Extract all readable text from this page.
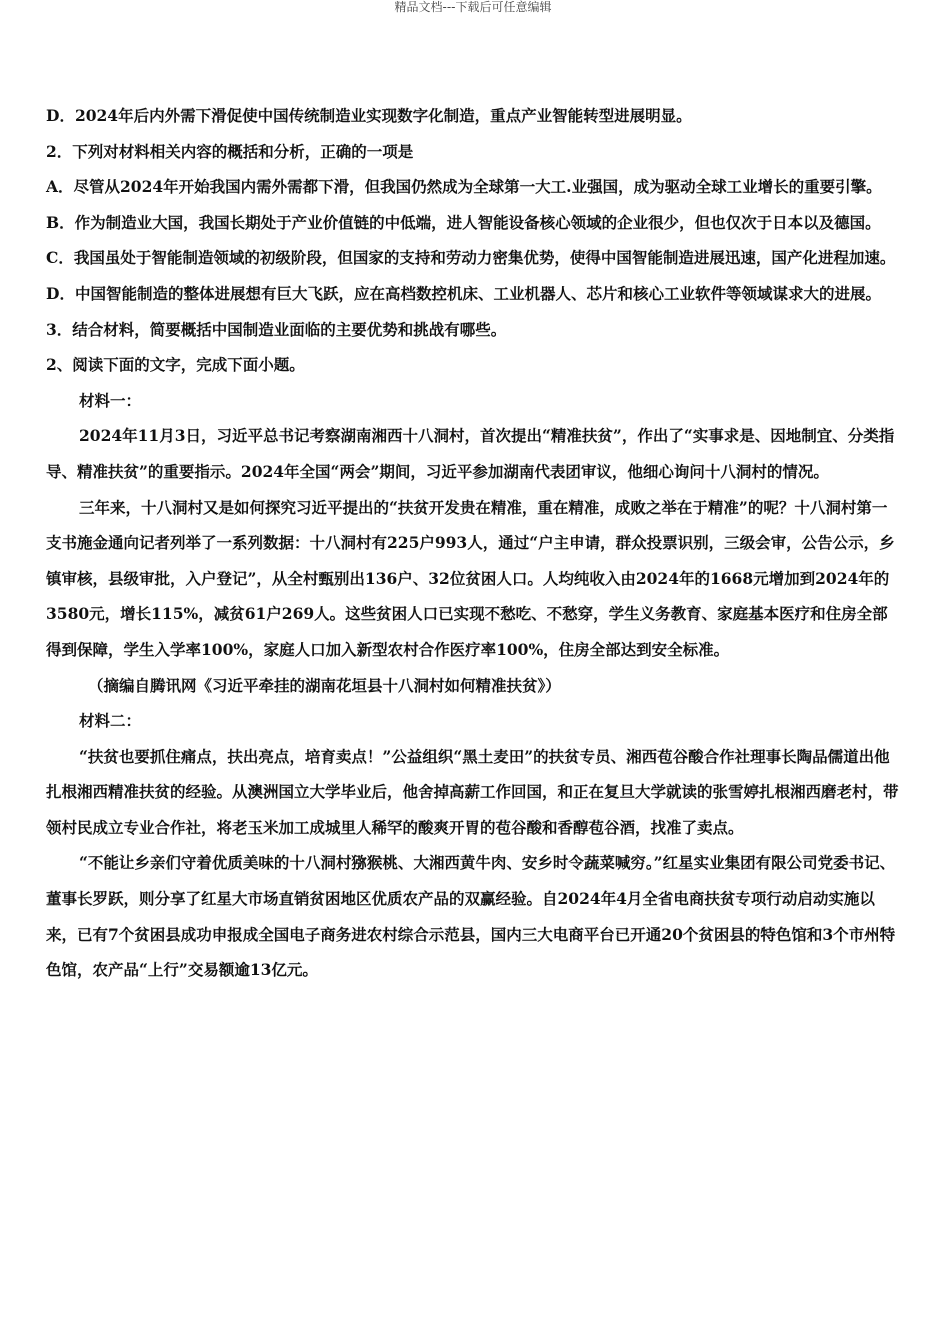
精品文档---下载后可任意编辑

D．2024年后内外需下滑促使中国传统制造业实现数字化制造，重点产业智能转型进展明显。

2．下列对材料相关内容的概括和分析，正确的一项是

A．尽管从2024年开始我国内需外需都下滑，但我国仍然成为全球第一大工.业强国，成为驱动全球工业增长的重要引擎。

B．作为制造业大国，我国长期处于产业价值链的中低端，进人智能设备核心领域的企业很少，但也仅次于日本以及德国。

C．我国虽处于智能制造领域的初级阶段，但国家的支持和劳动力密集优势，使得中国智能制造进展迅速，国产化进程加速。

D．中国智能制造的整体进展想有巨大飞跃，应在高档数控机床、工业机器人、芯片和核心工业软件等领域谋求大的进展。

3．结合材料，简要概括中国制造业面临的主要优势和挑战有哪些。

2、阅读下面的文字，完成下面小题。

材料一：

2024年11月3日，习近平总书记考察湖南湘西十八洞村，首次提出“精准扶贫”，作出了“实事求是、因地制宜、分类指导、精准扶贫”的重要指示。2024年全国“两会”期间，习近平参加湖南代表团审议，他细心询问十八洞村的情况。

三年来，十八洞村又是如何探究习近平提出的“扶贫开发贵在精准，重在精准，成败之举在于精准”的呢？十八洞村第一支书施金通向记者列举了一系列数据：十八洞村有225户993人，通过“户主申请，群众投票识别，三级会审，公告公示，乡镇审核，县级审批，入户登记”，从全村甄别出136户、32位贫困人口。人均纯收入由2024年的1668元增加到2024年的3580元，增长115%，减贫61户269人。这些贫困人口已实现不愁吃、不愁穿，学生义务教育、家庭基本医疗和住房全部得到保障，学生入学率100%，家庭人口加入新型农村合作医疗率100%，住房全部达到安全标准。

（摘编自腾讯网《习近平牵挂的湖南花垣县十八洞村如何精准扶贫》）

材料二：

“扶贫也要抓住痛点，扶出亮点，培育卖点！”公益组织“黑土麦田”的扶贫专员、湘西苞谷酸合作社理事长陶品儒道出他扎根湘西精准扶贫的经验。从澳洲国立大学毕业后，他舍掉高薪工作回国，和正在复旦大学就读的张雪婷扎根湘西磨老村，带领村民成立专业合作社，将老玉米加工成城里人稀罕的酸爽开胃的苞谷酸和香醇苞谷酒，找准了卖点。

“不能让乡亲们守着优质美味的十八洞村猕猴桃、大湘西黄牛肉、安乡时令蔬菜喊穷。”红星实业集团有限公司党委书记、董事长罗跃，则分享了红星大市场直销贫困地区优质农产品的双赢经验。自2024年4月全省电商扶贫专项行动启动实施以来，已有7个贫困县成功申报成全国电子商务进农村综合示范县，国内三大电商平台已开通20个贫困县的特色馆和3个市州特色馆，农产品“上行”交易额逾13亿元。
